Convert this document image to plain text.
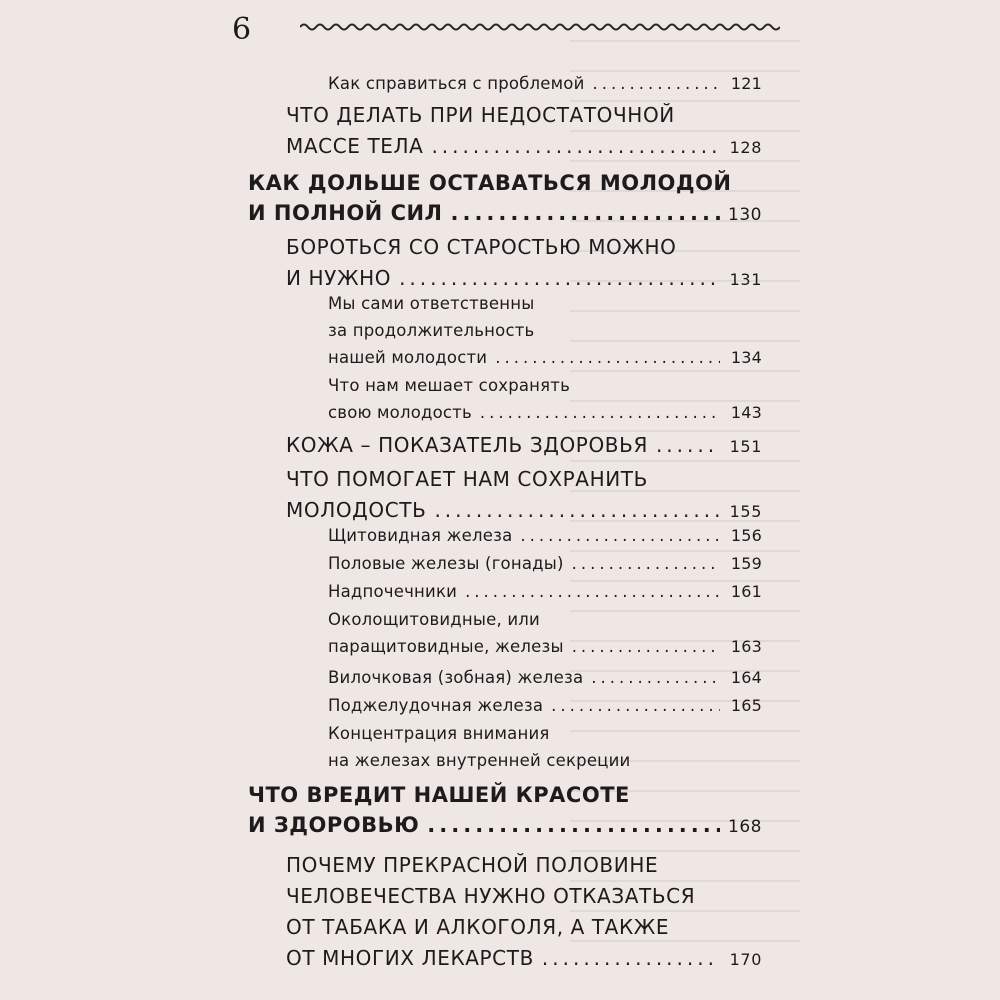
6
Как справиться с проблемой .....	121
ЧТО ДЕЛАТЬ ПРИ НЕДОСТАТОЧНОЙ
МАССЕ ТЕЛА .....	128
КАК ДОЛЬШЕ ОСТАВАТЬСЯ МОЛОДОЙ
И ПОЛНОЙ СИЛ .....	130
БОРОТЬСЯ СО СТАРОСТЬЮ МОЖНО
И НУЖНО .....	131
Мы сами ответственны
за продолжительность
нашей молодости .....	134
Что нам мешает сохранять
свою молодость .....	143
КОЖА – ПОКАЗАТЕЛЬ ЗДОРОВЬЯ .....	151
ЧТО ПОМОГАЕТ НАМ СОХРАНИТЬ
МОЛОДОСТЬ .....	155
Щитовидная железа .....	156
Половые железы (гонады) .....	159
Надпочечники .....	161
Околощитовидные, или
паращитовидные, железы .....	163
Вилочковая (зобная) железа .....	164
Поджелудочная железа .....	165
Концентрация внимания
на железах внутренней секреции
ЧТО ВРЕДИТ НАШЕЙ КРАСОТЕ
И ЗДОРОВЬЮ .....	168
ПОЧЕМУ ПРЕКРАСНОЙ ПОЛОВИНЕ
ЧЕЛОВЕЧЕСТВА НУЖНО ОТКАЗАТЬСЯ
ОТ ТАБАКА И АЛКОГОЛЯ, А ТАКЖЕ
ОТ МНОГИХ ЛЕКАРСТВ .....	170
